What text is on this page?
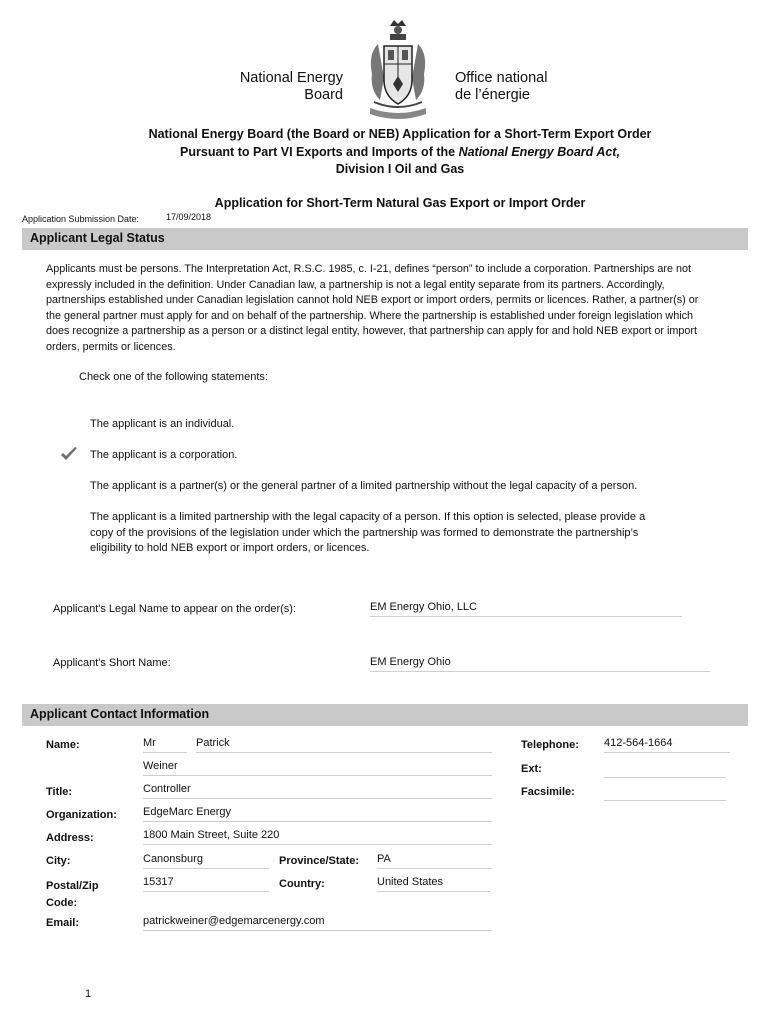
National Energy
Board
Office national
de l’énergie
National Energy Board (the Board or NEB) Application for a Short-Term Export Order
Pursuant to Part VI Exports and Imports of the National Energy Board Act,
Division I Oil and Gas
Application for Short-Term Natural Gas Export or Import Order
Application Submission Date:	17/09/2018
Applicant Legal Status
Applicants must be persons. The Interpretation Act, R.S.C. 1985, c. I-21, defines “person” to include a corporation. Partnerships are not expressly included in the definition. Under Canadian law, a partnership is not a legal entity separate from its partners. Accordingly, partnerships established under Canadian legislation cannot hold NEB export or import orders, permits or licences. Rather, a partner(s) or the general partner must apply for and on behalf of the partnership. Where the partnership is established under foreign legislation which does recognize a partnership as a person or a distinct legal entity, however, that partnership can apply for and hold NEB export or import orders, permits or licences.
Check one of the following statements:
The applicant is an individual.
The applicant is a corporation.
The applicant is a partner(s) or the general partner of a limited partnership without the legal capacity of a person.
The applicant is a limited partnership with the legal capacity of a person. If this option is selected, please provide a copy of the provisions of the legislation under which the partnership was formed to demonstrate the partnership’s eligibility to hold NEB export or import orders, or licences.
Applicant's Legal Name to appear on the order(s):	EM Energy Ohio, LLC
Applicant's Short Name:	EM Energy Ohio
Applicant Contact Information
Name:	Mr	Patrick
Weiner
Telephone: 412-564-1664
Ext:
Facsimile:
Title:	Controller
Organization: EdgeMarc Energy
Address:	1800 Main Street, Suite 220
City:	Canonsburg	Province/State: PA
Postal/Zip
Code:
15317	Country:	United States
Email:	patrickweiner@edgemarcenergy.com
1
